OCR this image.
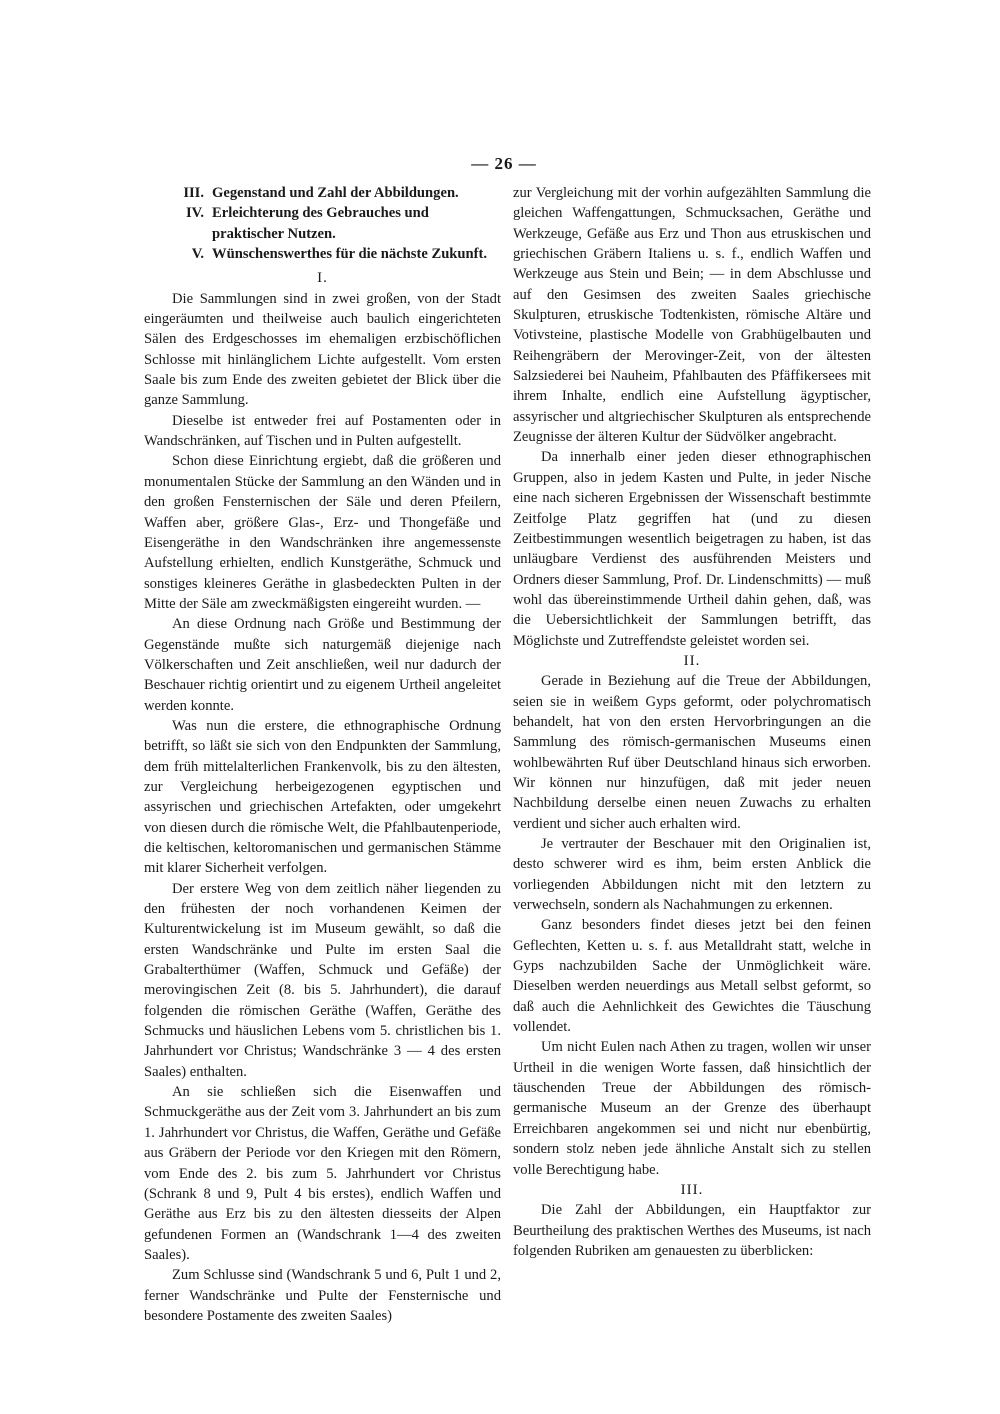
— 26 —
III. Gegenstand und Zahl der Abbildungen.
IV. Erleichterung des Gebrauches und praktischer Nutzen.
V. Wünschenswerthes für die nächste Zukunft.
I.

Die Sammlungen sind in zwei großen, von der Stadt eingeräumten und theilweise auch baulich eingerichteten Sälen des Erdgeschosses im ehemaligen erzbischöflichen Schlosse mit hinlänglichem Lichte aufgestellt. Vom ersten Saale bis zum Ende des zweiten gebietet der Blick über die ganze Sammlung.

Dieselbe ist entweder frei auf Postamenten oder in Wandschränken, auf Tischen und in Pulten aufgestellt.

Schon diese Einrichtung ergiebt, daß die größeren und monumentalen Stücke der Sammlung an den Wänden und in den großen Fensternischen der Säle und deren Pfeilern, Waffen aber, größere Glas-, Erz- und Thongefäße und Eisengeräthe in den Wandschränken ihre angemessenste Aufstellung erhielten, endlich Kunstgeräthe, Schmuck und sonstiges kleineres Geräthe in glasbedeckten Pulten in der Mitte der Säle am zweckmäßigsten eingereiht wurden. —

An diese Ordnung nach Größe und Bestimmung der Gegenstände mußte sich naturgemäß diejenige nach Völkerschaften und Zeit anschließen, weil nur dadurch der Beschauer richtig orientirt und zu eigenem Urtheil angeleitet werden konnte.

Was nun die erstere, die ethnographische Ordnung betrifft, so läßt sie sich von den Endpunkten der Sammlung, dem früh mittelalterlichen Frankenvolk, bis zu den ältesten, zur Vergleichung herbeigezogenen egyptischen und assyrischen und griechischen Artefakten, oder umgekehrt von diesen durch die römische Welt, die Pfahlbautenperiode, die keltischen, keltoromanischen und germanischen Stämme mit klarer Sicherheit verfolgen.

Der erstere Weg von dem zeitlich näher liegenden zu den frühesten der noch vorhandenen Keimen der Kulturentwickelung ist im Museum gewählt, so daß die ersten Wandschränke und Pulte im ersten Saal die Grabalterthümer (Waffen, Schmuck und Gefäße) der merovingischen Zeit (8. bis 5. Jahrhundert), die darauf folgenden die römischen Geräthe (Waffen, Geräthe des Schmucks und häuslichen Lebens vom 5. christlichen bis 1. Jahrhundert vor Christus; Wandschränke 3 — 4 des ersten Saales) enthalten.

An sie schließen sich die Eisenwaffen und Schmuckgeräthe aus der Zeit vom 3. Jahrhundert an bis zum 1. Jahrhundert vor Christus, die Waffen, Geräthe und Gefäße aus Gräbern der Periode vor den Kriegen mit den Römern, vom Ende des 2. bis zum 5. Jahrhundert vor Christus (Schrank 8 und 9, Pult 4 bis erstes), endlich Waffen und Geräthe aus Erz bis zu den ältesten diesseits der Alpen gefundenen Formen an (Wandschrank 1—4 des zweiten Saales).

Zum Schlusse sind (Wandschrank 5 und 6, Pult 1 und 2, ferner Wandschränke und Pulte der Fensternische und besondere Postamente des zweiten Saales)

zur Vergleichung mit der vorhin aufgezählten Sammlung die gleichen Waffengattungen, Schmucksachen, Geräthe und Werkzeuge, Gefäße aus Erz und Thon aus etruskischen und griechischen Gräbern Italiens u. s. f., endlich Waffen und Werkzeuge aus Stein und Bein; — in dem Abschlusse und auf den Gesimsen des zweiten Saales griechische Skulpturen, etruskische Todtenkisten, römische Altäre und Votivsteine, plastische Modelle von Grabhügelbauten und Reihengräbern der Merovinger-Zeit, von der ältesten Salzsiederei bei Nauheim, Pfahlbauten des Pfäffikersees mit ihrem Inhalte, endlich eine Aufstellung ägyptischer, assyrischer und altgriechischer Skulpturen als entsprechende Zeugnisse der älteren Kultur der Südvölker angebracht.

Da innerhalb einer jeden dieser ethnographischen Gruppen, also in jedem Kasten und Pulte, in jeder Nische eine nach sicheren Ergebnissen der Wissenschaft bestimmte Zeitfolge Platz gegriffen hat (und zu diesen Zeitbestimmungen wesentlich beigetragen zu haben, ist das unläugbare Verdienst des ausführenden Meisters und Ordners dieser Sammlung, Prof. Dr. Lindenschmitts) — muß wohl das übereinstimmende Urtheil dahin gehen, daß, was die Uebersichtlichkeit der Sammlungen betrifft, das Möglichste und Zutreffendste geleistet worden sei.

II.

Gerade in Beziehung auf die Treue der Abbildungen, seien sie in weißem Gyps geformt, oder polychromatisch behandelt, hat von den ersten Hervorbringungen an die Sammlung des römisch-germanischen Museums einen wohlbewährten Ruf über Deutschland hinaus sich erworben. Wir können nur hinzufügen, daß mit jeder neuen Nachbildung derselbe einen neuen Zuwachs zu erhalten verdient und sicher auch erhalten wird.

Je vertrauter der Beschauer mit den Originalien ist, desto schwerer wird es ihm, beim ersten Anblick die vorliegenden Abbildungen nicht mit den letztern zu verwechseln, sondern als Nachahmungen zu erkennen.

Ganz besonders findet dieses jetzt bei den feinen Geflechten, Ketten u. s. f. aus Metalldraht statt, welche in Gyps nachzubilden Sache der Unmöglichkeit wäre. Dieselben werden neuerdings aus Metall selbst geformt, so daß auch die Aehnlichkeit des Gewichtes die Täuschung vollendet.

Um nicht Eulen nach Athen zu tragen, wollen wir unser Urtheil in die wenigen Worte fassen, daß hinsichtlich der täuschenden Treue der Abbildungen des römisch-germanische Museum an der Grenze des überhaupt Erreichbaren angekommen sei und nicht nur ebenbürtig, sondern stolz neben jede ähnliche Anstalt sich zu stellen volle Berechtigung habe.

III.

Die Zahl der Abbildungen, ein Hauptfaktor zur Beurtheilung des praktischen Werthes des Museums, ist nach folgenden Rubriken am genauesten zu überblicken:
